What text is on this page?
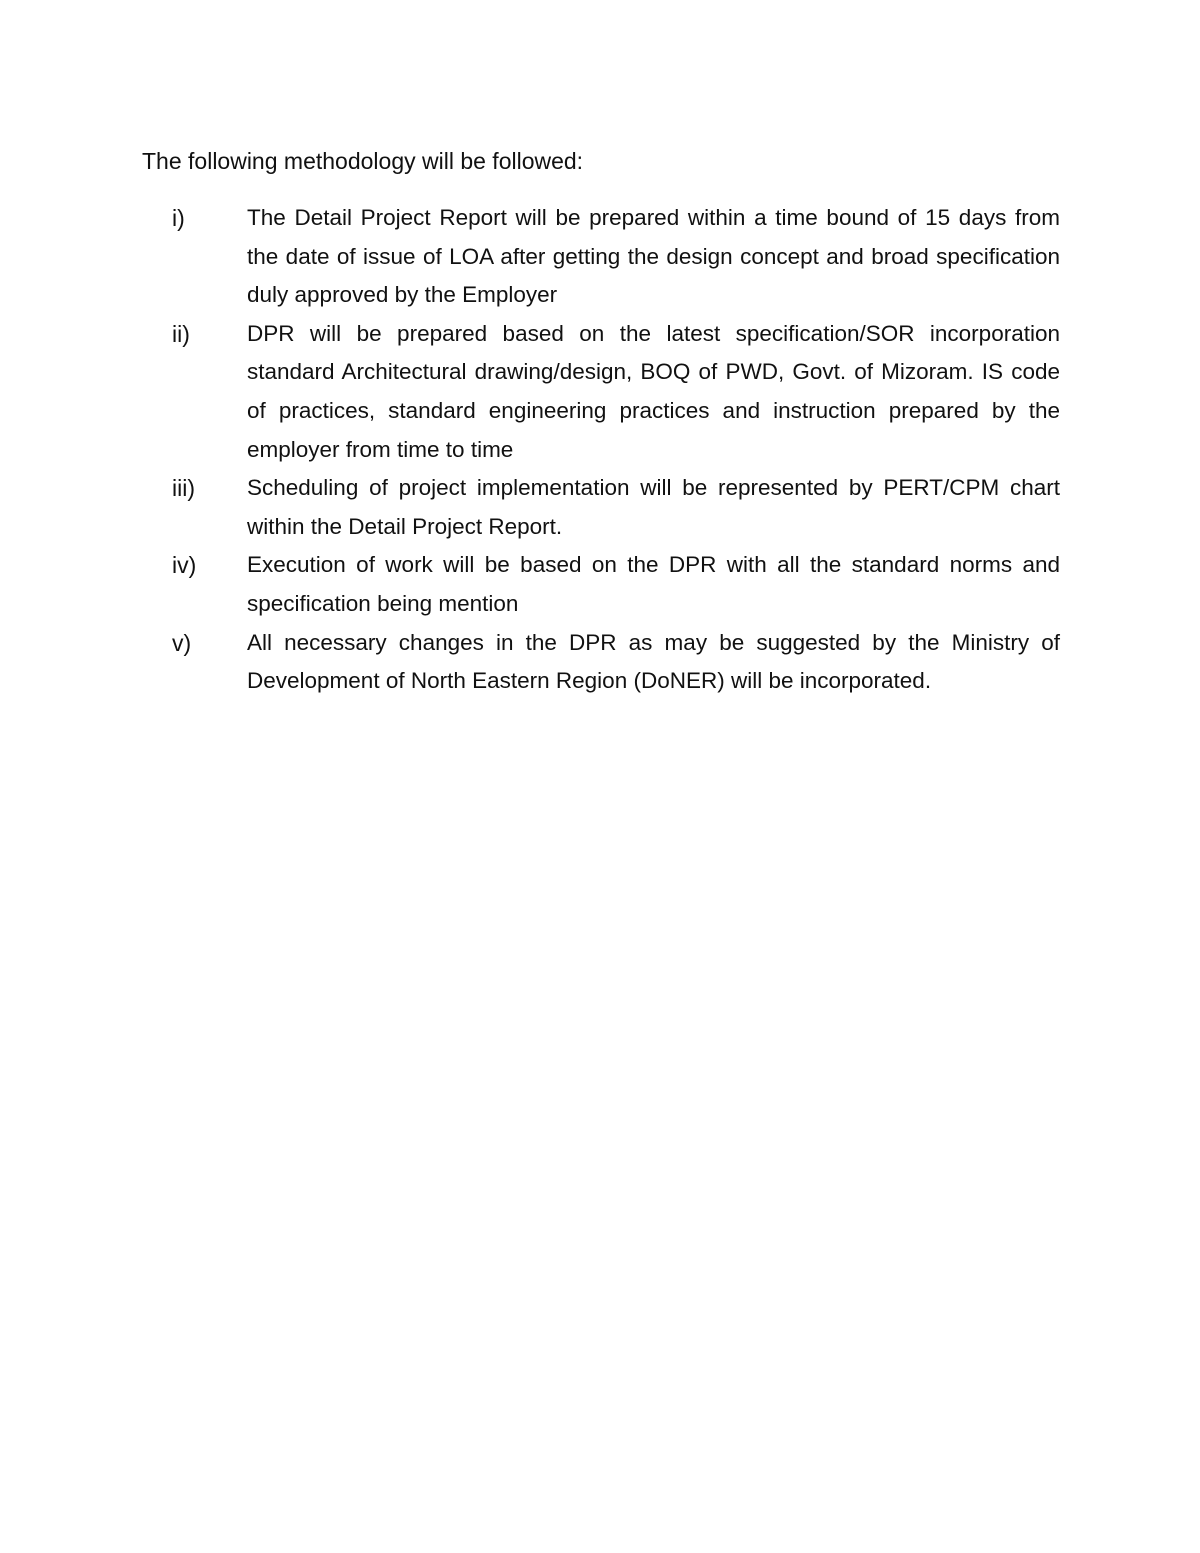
The following methodology will be followed:
i)	The Detail Project Report will be prepared within a time bound of 15 days from the date of issue of LOA after getting the design concept and broad specification duly approved by the Employer
ii)	DPR will be prepared based on the latest specification/SOR incorporation standard Architectural drawing/design, BOQ of PWD, Govt. of Mizoram. IS code of practices, standard engineering practices and instruction prepared by the employer from time to time
iii) Scheduling of project implementation will be represented by PERT/CPM chart within the Detail Project Report.
iv) Execution of work will be based on the DPR with all the standard norms and specification being mention
v) All necessary changes in the DPR as may be suggested by the Ministry of Development of North Eastern Region (DoNER) will be incorporated.
